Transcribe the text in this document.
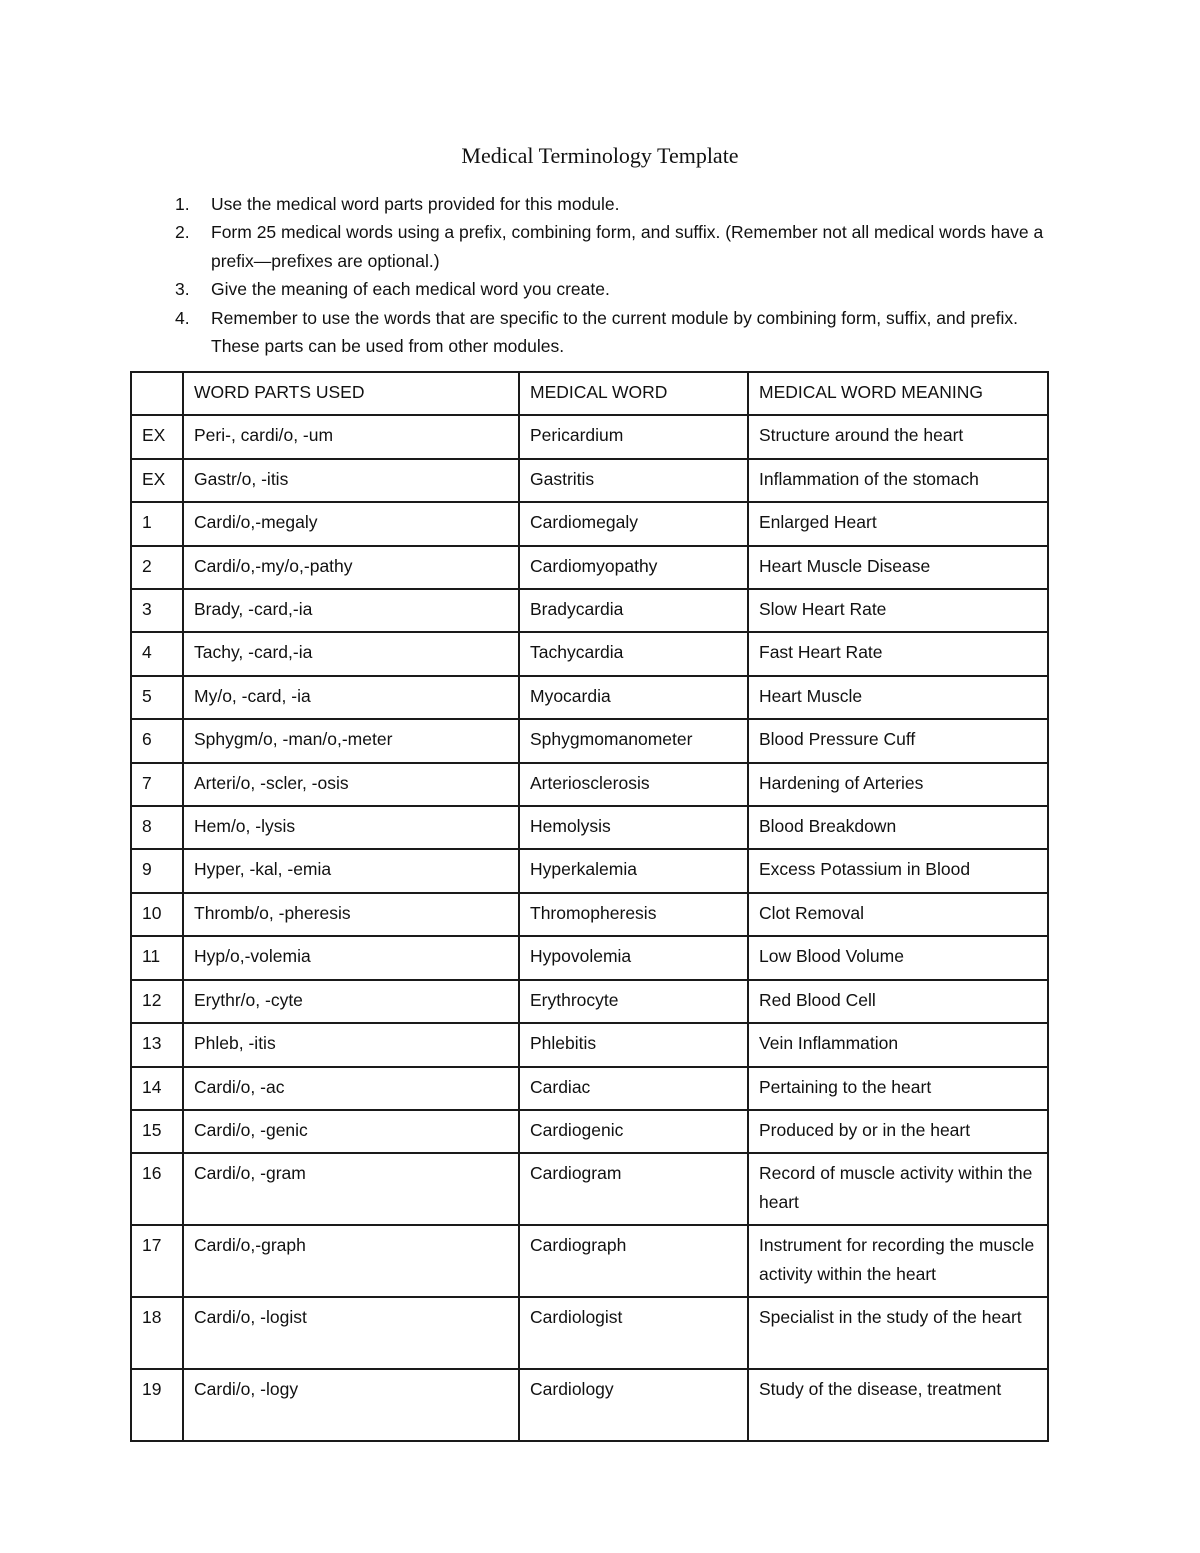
Medical Terminology Template
1. Use the medical word parts provided for this module.
2. Form 25 medical words using a prefix, combining form, and suffix. (Remember not all medical words have a prefix—prefixes are optional.)
3. Give the meaning of each medical word you create.
4. Remember to use the words that are specific to the current module by combining form, suffix, and prefix. These parts can be used from other modules.
	WORD PARTS USED	MEDICAL WORD	MEDICAL WORD MEANING
EX	Peri-, cardi/o, -um	Pericardium	Structure around the heart
EX	Gastr/o, -itis	Gastritis	Inflammation of the stomach
1	Cardi/o,-megaly	Cardiomegaly	Enlarged Heart
2	Cardi/o,-my/o,-pathy	Cardiomyopathy	Heart Muscle Disease
3	Brady, -card,-ia	Bradycardia	Slow Heart Rate
4	Tachy, -card,-ia	Tachycardia	Fast Heart Rate
5	My/o, -card, -ia	Myocardia	Heart Muscle
6	Sphygm/o, -man/o,-meter	Sphygmomanometer	Blood Pressure Cuff
7	Arteri/o, -scler, -osis	Arteriosclerosis	Hardening of Arteries
8	Hem/o, -lysis	Hemolysis	Blood Breakdown
9	Hyper, -kal, -emia	Hyperkalemia	Excess Potassium in Blood
10	Thromb/o, -pheresis	Thromopheresis	Clot Removal
11	Hyp/o,-volemia	Hypovolemia	Low Blood Volume
12	Erythr/o, -cyte	Erythrocyte	Red Blood Cell
13	Phleb, -itis	Phlebitis	Vein Inflammation
14	Cardi/o, -ac	Cardiac	Pertaining to the heart
15	Cardi/o, -genic	Cardiogenic	Produced by or in the heart
16	Cardi/o, -gram	Cardiogram	Record of muscle activity within the heart
17	Cardi/o,-graph	Cardiograph	Instrument for recording the muscle activity within the heart
18	Cardi/o, -logist	Cardiologist	Specialist in the study of the heart
19	Cardi/o, -logy	Cardiology	Study of the disease, treatment
